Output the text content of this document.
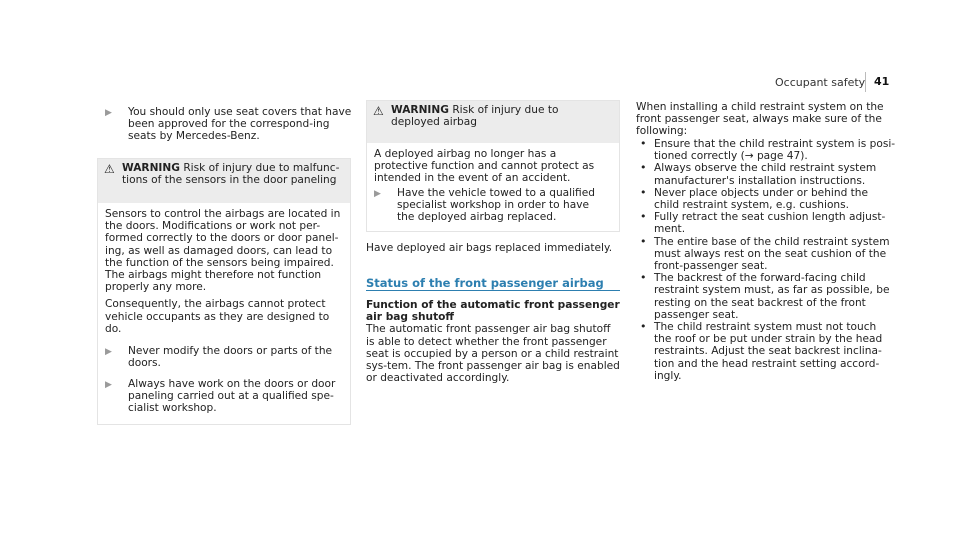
Occupant safety 41
▶ You should only use seat covers that have been approved for the correspond-ing seats by Mercedes-Benz.
⚠ WARNING Risk of injury due to malfunc-tions of the sensors in the door paneling

Sensors to control the airbags are located in the doors. Modifications or work not per-formed correctly to the doors or door panel-ing, as well as damaged doors, can lead to the function of the sensors being impaired. The airbags might therefore not function properly any more.

Consequently, the airbags cannot protect vehicle occupants as they are designed to do.

▶ Never modify the doors or parts of the doors.
▶ Always have work on the doors or door paneling carried out at a qualified spe-cialist workshop.
⚠ WARNING Risk of injury due to deployed airbag

A deployed airbag no longer has a protective function and cannot protect as intended in the event of an accident.

▶ Have the vehicle towed to a qualified specialist workshop in order to have the deployed airbag replaced.
Have deployed air bags replaced immediately.
Status of the front passenger airbag

Function of the automatic front passenger air bag shutoff

The automatic front passenger air bag shutoff is able to detect whether the front passenger seat is occupied by a person or a child restraint sys-tem. The front passenger air bag is enabled or deactivated accordingly.

When installing a child restraint system on the front passenger seat, always make sure of the following:
• Ensure that the child restraint system is posi-tioned correctly (→ page 47).
• Always observe the child restraint system manufacturer's installation instructions.
• Never place objects under or behind the child restraint system, e.g. cushions.
• Fully retract the seat cushion length adjust-ment.
• The entire base of the child restraint system must always rest on the seat cushion of the front-passenger seat.
• The backrest of the forward-facing child restraint system must, as far as possible, be resting on the seat backrest of the front passenger seat.
• The child restraint system must not touch the roof or be put under strain by the head restraints. Adjust the seat backrest inclina-tion and the head restraint setting accord-ingly.
